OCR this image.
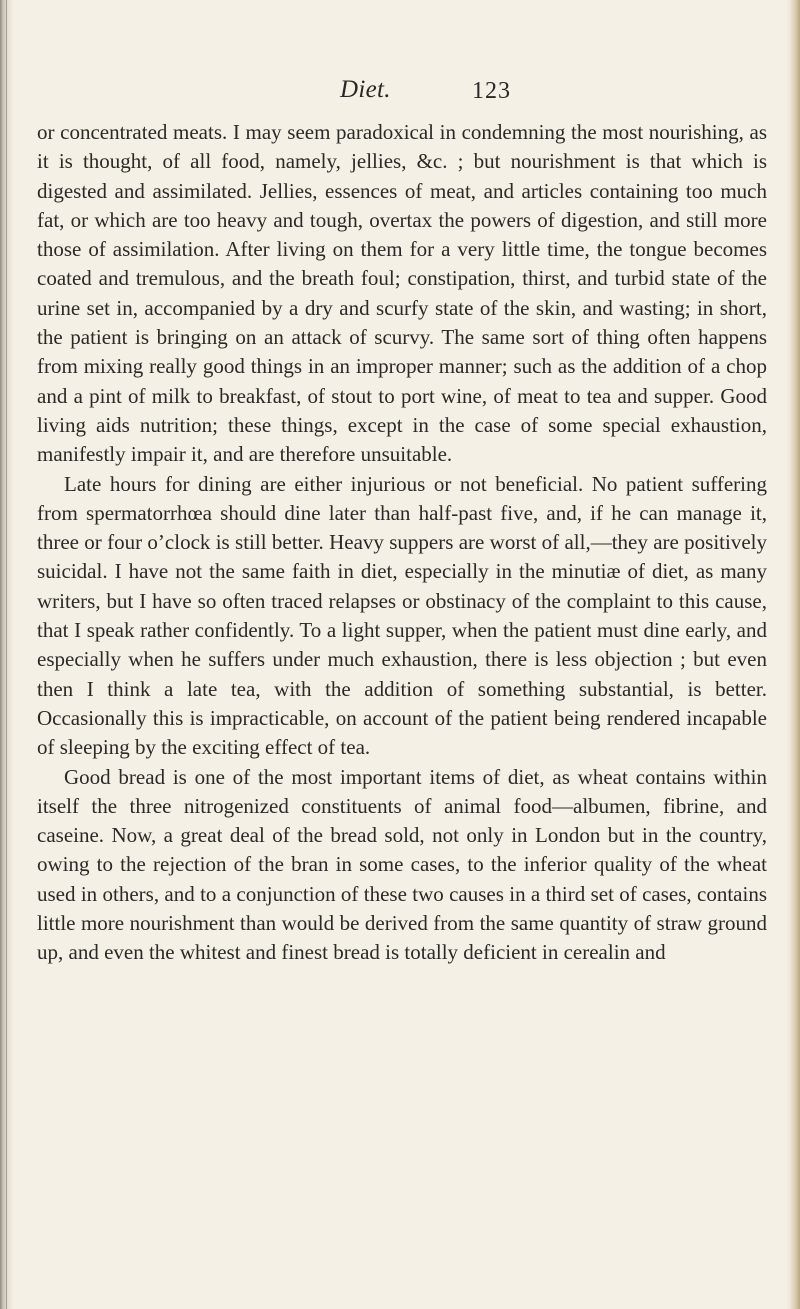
Diet.	123

or concentrated meats. I may seem paradoxical in condemning the most nourishing, as it is thought, of all food, namely, jellies, &c. ; but nourishment is that which is digested and assimilated. Jellies, essences of meat, and articles containing too much fat, or which are too heavy and tough, overtax the powers of digestion, and still more those of assimilation. After living on them for a very little time, the tongue becomes coated and tremulous, and the breath foul; constipation, thirst, and turbid state of the urine set in, accompanied by a dry and scurfy state of the skin, and wasting; in short, the patient is bringing on an attack of scurvy. The same sort of thing often happens from mixing really good things in an improper manner; such as the addition of a chop and a pint of milk to breakfast, of stout to port wine, of meat to tea and supper. Good living aids nutrition; these things, except in the case of some special exhaustion, manifestly impair it, and are therefore unsuitable.

Late hours for dining are either injurious or not beneficial. No patient suffering from spermatorrhœa should dine later than half-past five, and, if he can manage it, three or four o’clock is still better. Heavy suppers are worst of all,—they are positively suicidal. I have not the same faith in diet, especially in the minutiæ of diet, as many writers, but I have so often traced relapses or obstinacy of the complaint to this cause, that I speak rather confidently. To a light supper, when the patient must dine early, and especially when he suffers under much exhaustion, there is less objection ; but even then I think a late tea, with the addition of something substantial, is better. Occasionally this is impracticable, on account of the patient being rendered incapable of sleeping by the exciting effect of tea.

Good bread is one of the most important items of diet, as wheat contains within itself the three nitrogenized constituents of animal food—albumen, fibrine, and caseine. Now, a great deal of the bread sold, not only in London but in the country, owing to the rejection of the bran in some cases, to the inferior quality of the wheat used in others, and to a conjunction of these two causes in a third set of cases, contains little more nourishment than would be derived from the same quantity of straw ground up, and even the whitest and finest bread is totally deficient in cerealin and
